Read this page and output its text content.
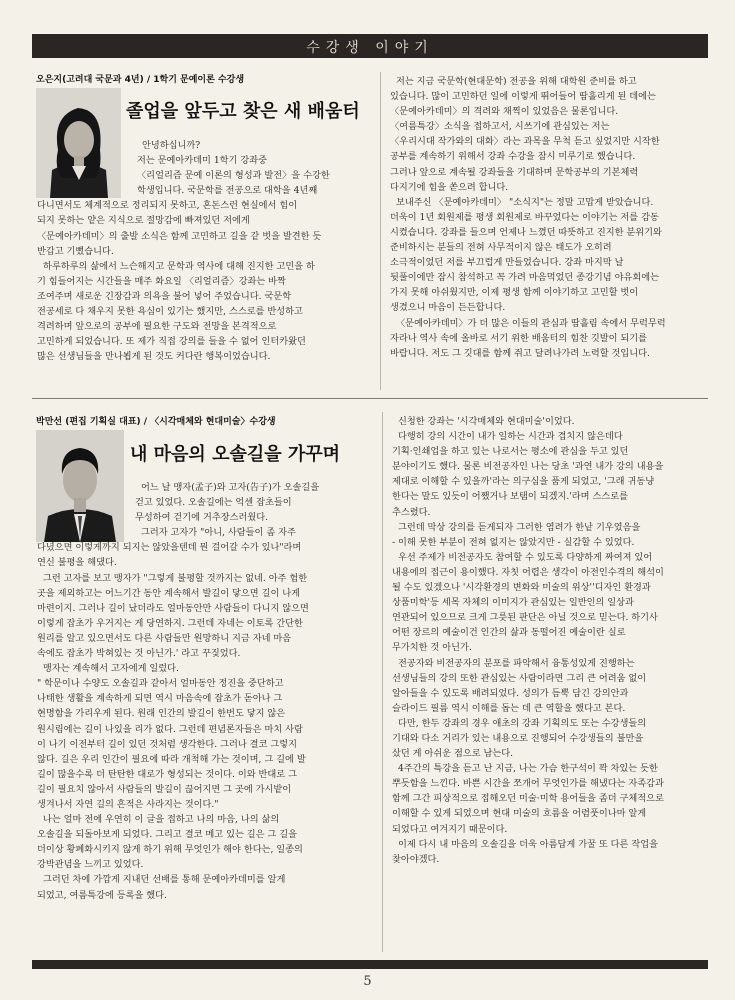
수강생 이야기
오은지(고려대 국문과 4년) / 1학기 문예이론 수강생
졸업을 앞두고 찾은 새 배움터

안녕하십니까?

저는 문예아카데미 1학기 강좌중

〈리얼리즘 문예 이론의 형성과 발전〉을 수강한

학생입니다. 국문학를 전공으로 대학을 4년째

다니면서도 체계적으로 정리되지 못하고, 혼돈스런 현실에서 힘이

되지 못하는 얕은 지식으로 절망감에 빠져있던 저에게

〈문예아카데미〉의 출발 소식은 함께 고민하고 길을 같 벗을 발견한 듯

반갑고 기뻤습니다.

하루하루의 삶에서 느슨해지고 문학과 역사에 대해 진지한 고민을 하

기 힘들어지는 시간들을 매주 화요일 〈리얼리즘〉강좌는 바짝

조여주며 새로운 긴장감과 의욕을 불어 넣어 주었습니다. 국문학

전공세로 다 채우지 못한 욕심이 있기는 했지만, 스스로를 반성하고

격려하며 앞으로의 공부에 필요한 구도와 전망을 본격적으로

고민하게 되었습니다. 또 제가 직접 강의를 들을 수 없어 인터카왔던

많은 선생님들을 만나뵙게 된 것도 커다란 행복이었습니다.

저는 지금 국문학(현대문학) 전공을 위해 대학원 준비를 하고

있습니다. 많이 고민하던 일에 이렇게 뛰어들어 땀흘리게 된 데에는

〈문예아카데미〉의 격려와 채찍이 있었음은 물론입니다.

〈여름특강〉소식을 접하고서, 시쓰기에 관심있는 저는

〈우리시대 작가와의 대화〉라는 과목을 무척 듣고 싶었지만 시작한

공부를 계속하기 위해서 강좌 수강을 잠시 미루기로 했습니다.

그러나 앞으로 계속될 강좌들을 기대하며 문학공부의 기본체력

다지기에 힘을 쏟으려 합니다.

보내주신 〈문예아카데미〉 "소식지"는 정말 고맙게 받았습니다.

더욱이 1년 회원제를 평생 회원제로 바꾸었다는 이야기는 저를 감동

시켰습니다. 강좌를 들으며 언제나 느꼈던 따뜻하고 진지한 분위기와

준비하시는 분들의 전혀 사무적이지 않은 태도가 오히려

소극적이었던 저를 부끄럽게 만들었습니다. 강좌 마지막 날

뒷풀이에만 잠시 참석하고 꼭 가려 마음먹었던 종강기념 야유회에는

가지 못해 아쉬웠지만, 이제 평생 함께 이야기하고 고민할 벗이

생겼으니 마음이 든든합니다.

〈문예아카데미〉가 더 많은 이들의 관심과 땀흘림 속에서 무럭무럭

자라나 역사 속에 올바로 서기 위한 배움터의 힘찬 깃발이 되기를

바랍니다. 저도 그 깃대를 함께 쥐고 달려나가려 노력할 것입니다.

박만선 (편집 기획실 대표) / 〈시각매체와 현대미술〉수강생
내 마음의 오솔길을 가꾸며

어느 날 맹자(孟子)와 고자(告子)가 오솔길을

걷고 있었다. 오솔길에는 억센 잡초들이

무성하여 걷기에 거추장스러웠다.

그러자 고자가 "아니, 사람들이 좀 자주

다녔으면 이렇게까지 되지는 않았을텐데 뭔 걸어갈 수가 있나"라며

연신 불평을 해댔다.

그런 고자를 보고 맹자가 "그렇게 불평할 것까지는 없네. 아주 험한

곳을 제외하고는 어느기간 동안 계속해서 발길이 닿으면 길이 나게

마련이지. 그러나 길이 났더라도 얼마동안만 사람들이 다니지 않으면

이렇게 잡초가 우거지는 게 당연하지. 그런데 자네는 이토록 간단한

원리를 알고 있으면서도 다른 사람들만 원망하니 지금 자네 마음

속에도 잡초가 박혀있는 것 아닌가.' 라고 꾸짖었다.

맹자는 계속해서 고자에게 일렀다.

" 학문이나 수양도 오솔길과 같아서 얼마동안 정진을 중단하고

나태한 생활을 계속하게 되면 역시 마음속에 잡초가 돋아나 그

현명함을 가리우게 된다. 원래 인간의 발길이 한번도 닿지 않은

원시림에는 길이 나있을 리가 없다. 그런데 편념론자들은 마치 사람

이 나기 이전부터 길이 있던 것처럼 생각한다. 그러나 결코 그렇지

않다. 길은 우리 인간이 필요에 따라 개척해 가는 것이며, 그 길에 발

길이 많을수록 더 탄탄한 대로가 형성되는 것이다. 이와 반대로 그

길이 필요치 않아서 사람들의 발길이 끊어지면 그 곳에 가시밭이

생겨나서 자연 길의 흔적은 사라지는 것이다."

나는 얼마 전에 우연히 이 글을 접하고 나의 마음, 나의 삶의

오솔길을 되돌아보게 되었다. 그리고 결코 메고 있는 길은 그 길을

더이상 황폐화시키지 않게 하기 위해 무엇인가 해야 한다는, 일종의

강박관념을 느끼고 있었다.

그러던 차에 가깝게 지내던 선배를 통해 문예아카데미를 알게

되었고, 여름특강에 등록을 했다.

신청한 강좌는 '시각매체와 현대미술'이었다.

다행히 강의 시간이 내가 일하는 시간과 겹치지 않은데다

기획·인쇄업을 하고 있는 나로서는 평소에 관심을 두고 있던

분야이기도 했다. 물론 비전공자인 나는 당초 '과연 내가 강의 내용을

제대로 이해할 수 있을까'라는 의구심을 품게 되었고, '그래 귀동냥

한다는 말도 있듯이 어쨌거나 보탬이 되겠지.'라며 스스로를

추스렸다.

그런데 막상 강의를 듣게되자 그러한 염려가 한낱 기우였음을

- 이해 못한 부분이 전혀 없지는 않았지만 - 실감할 수 있었다.

우선 주제가 비전공자도 참여할 수 있도록 다양하게 짜여져 있어

내용에의 접근이 용이했다. 자칫 어렵은 생각이 아전인수격의 해석이

될 수도 있겠으나 '시각환경의 변화와 미술의 위상''디자인 환경과

상품미학'등 세목 자체의 이미지가 관심있는 일반인의 일상과

연관되어 있으므로 크게 그릇된 판단은 아닐 것으로 믿는다. 하기사

어떤 장르의 예술이건 인간의 삶과 동떨어진 예술이란 실로

무가치한 것 아닌가.

전공자와 비전공자의 분포를 파악해서 융통성있게 진행하는

선생님들의 강의 또한 관심있는 사람이라면 그리 큰 어려움 없이

알아들을 수 있도록 배려되었다. 성의가 듬뿍 담긴 강의안과

슬라이드 필름 역시 이해를 돕는 데 큰 역할을 했다고 본다.

다만, 한두 강좌의 경우 애초의 강좌 기획의도 또는 수강생들의

기대와 다소 거리가 있는 내용으로 진행되어 수강생들의 불만을

샀던 게 아쉬운 점으로 남는다.

4주간의 특강을 듣고 난 지금, 나는 가슴 한구석이 꽉 차있는 듯한

뿌듯함을 느낀다. 바쁜 시간을 쪼개어 무엇인가를 해냈다는 자족감과

함께 그간 피상적으로 접해오던 미술·미학 용어들을 좀더 구체적으로

이해할 수 있게 되었으며 현대 미술의 흐름을 어렴풋이나마 알게

되었다고 여겨지기 때문이다.

이제 다시 내 마음의 오솔길을 더욱 아름답게 가꿀 또 다른 작업을

찾아야겠다.

5
